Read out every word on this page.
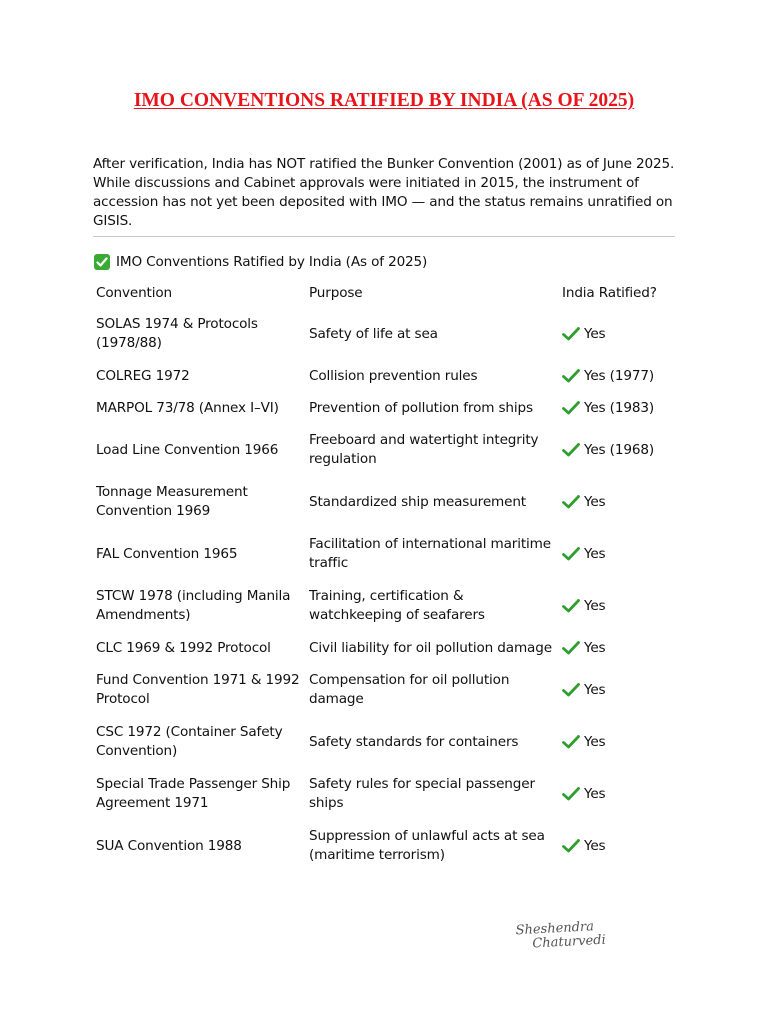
IMO CONVENTIONS RATIFIED BY INDIA (AS OF 2025)

After verification, India has NOT ratified the Bunker Convention (2001) as of June 2025. While discussions and Cabinet approvals were initiated in 2015, the instrument of accession has not yet been deposited with IMO — and the status remains unratified on GISIS.

IMO Conventions Ratified by India (As of 2025)
Convention	Purpose	India Ratified?
SOLAS 1974 & Protocols (1978/88)	Safety of life at sea	Yes

COLREG 1972	Collision prevention rules	Yes (1977)

MARPOL 73/78 (Annex I–VI)	Prevention of pollution from ships	Yes (1983)

Load Line Convention 1966	Freeboard and watertight integrity regulation	Yes (1968)

Tonnage Measurement Convention 1969	Standardized ship measurement	Yes

FAL Convention 1965	Facilitation of international maritime traffic	Yes

STCW 1978 (including Manila Amendments)	Training, certification & watchkeeping of seafarers	Yes

CLC 1969 & 1992 Protocol	Civil liability for oil pollution damage	Yes

Fund Convention 1971 & 1992 Protocol	Compensation for oil pollution damage	Yes

CSC 1972 (Container Safety Convention)	Safety standards for containers	Yes

Special Trade Passenger Ship Agreement 1971	Safety rules for special passenger ships	Yes

SUA Convention 1988	Suppression of unlawful acts at sea (maritime terrorism)	Yes
Sheshendra
Chaturvedi
